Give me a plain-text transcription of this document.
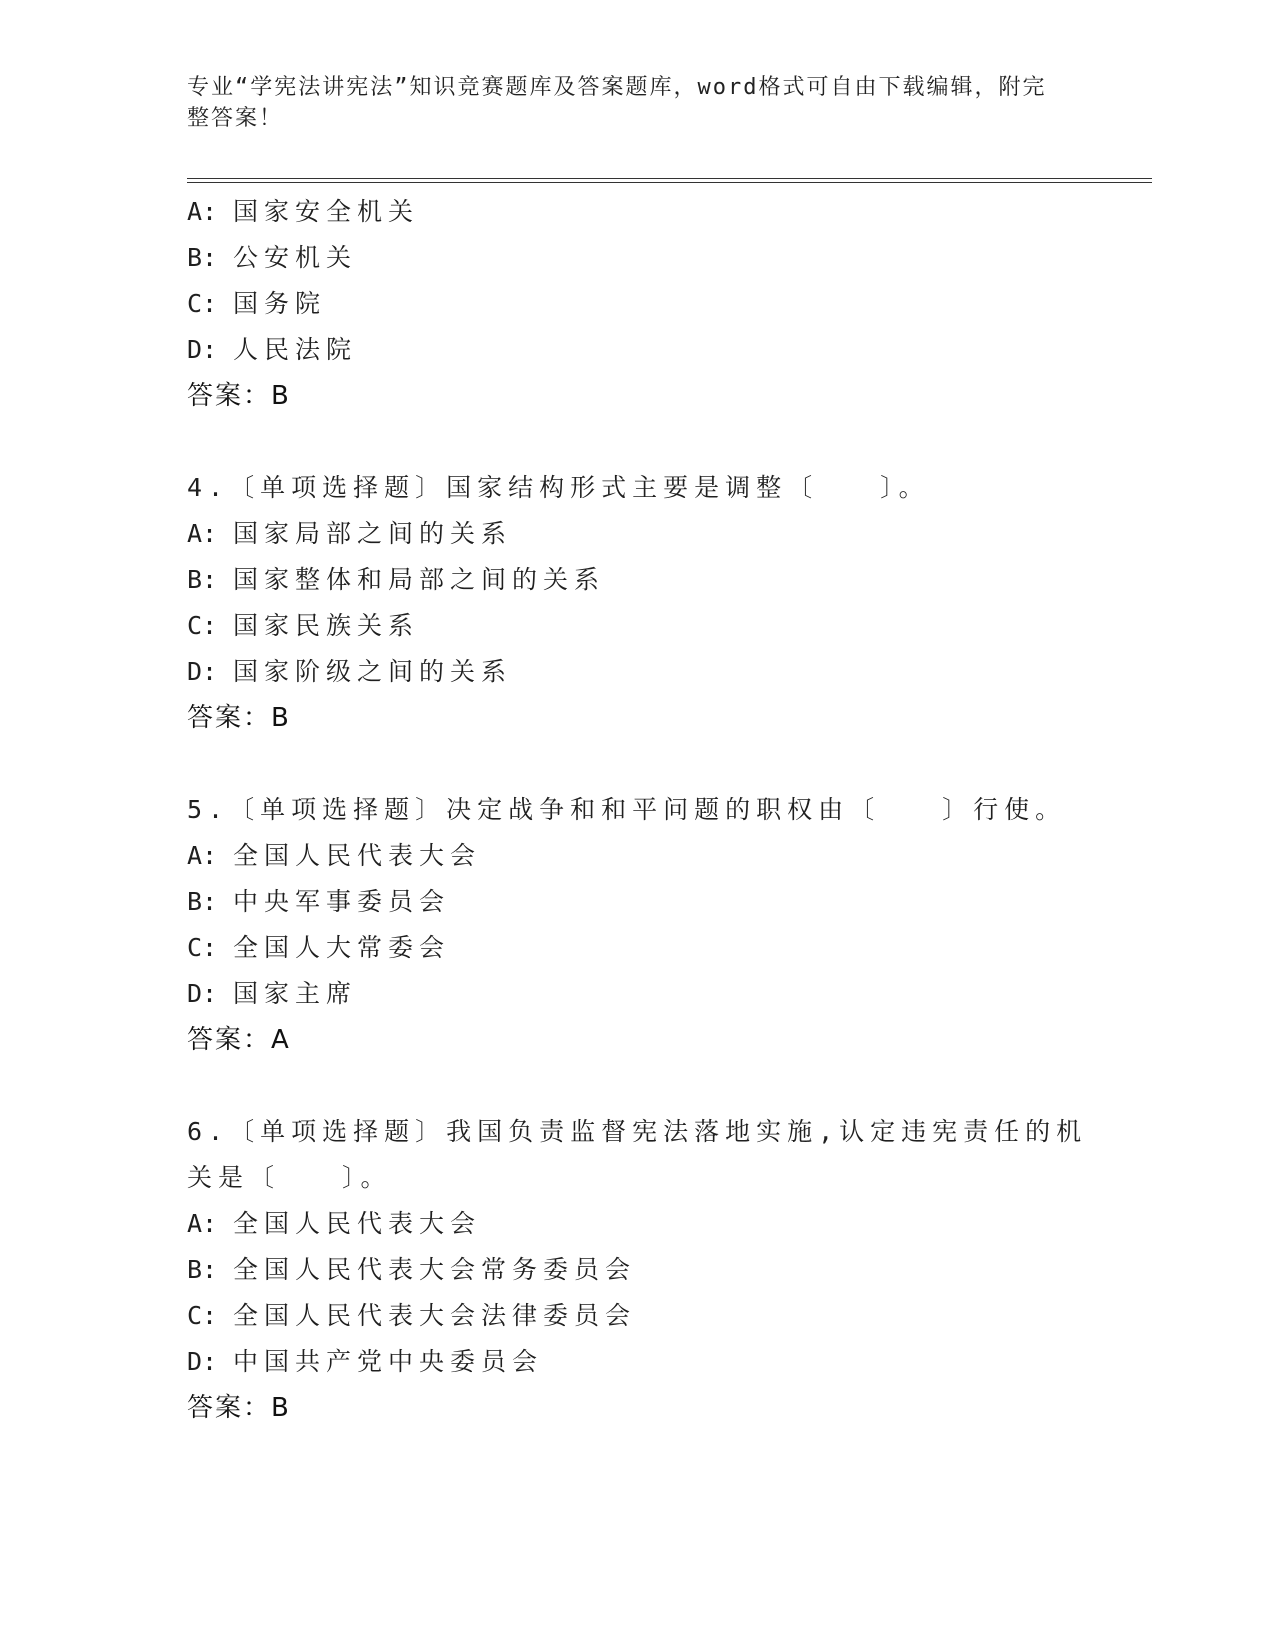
专业“学宪法讲宪法”知识竞赛题库及答案题库，word格式可自由下载编辑，附完整答案！
A: 国家安全机关
B: 公安机关
C: 国务院
D: 人民法院
答案：B
4.〔单项选择题〕国家结构形式主要是调整〔　　〕。
A: 国家局部之间的关系
B: 国家整体和局部之间的关系
C: 国家民族关系
D: 国家阶级之间的关系
答案：B
5.〔单项选择题〕决定战争和和平问题的职权由〔　　〕行使。
A: 全国人民代表大会
B: 中央军事委员会
C: 全国人大常委会
D: 国家主席
答案：A
6.〔单项选择题〕我国负责监督宪法落地实施,认定违宪责任的机关是〔　　〕。
A: 全国人民代表大会
B: 全国人民代表大会常务委员会
C: 全国人民代表大会法律委员会
D: 中国共产党中央委员会
答案：B
